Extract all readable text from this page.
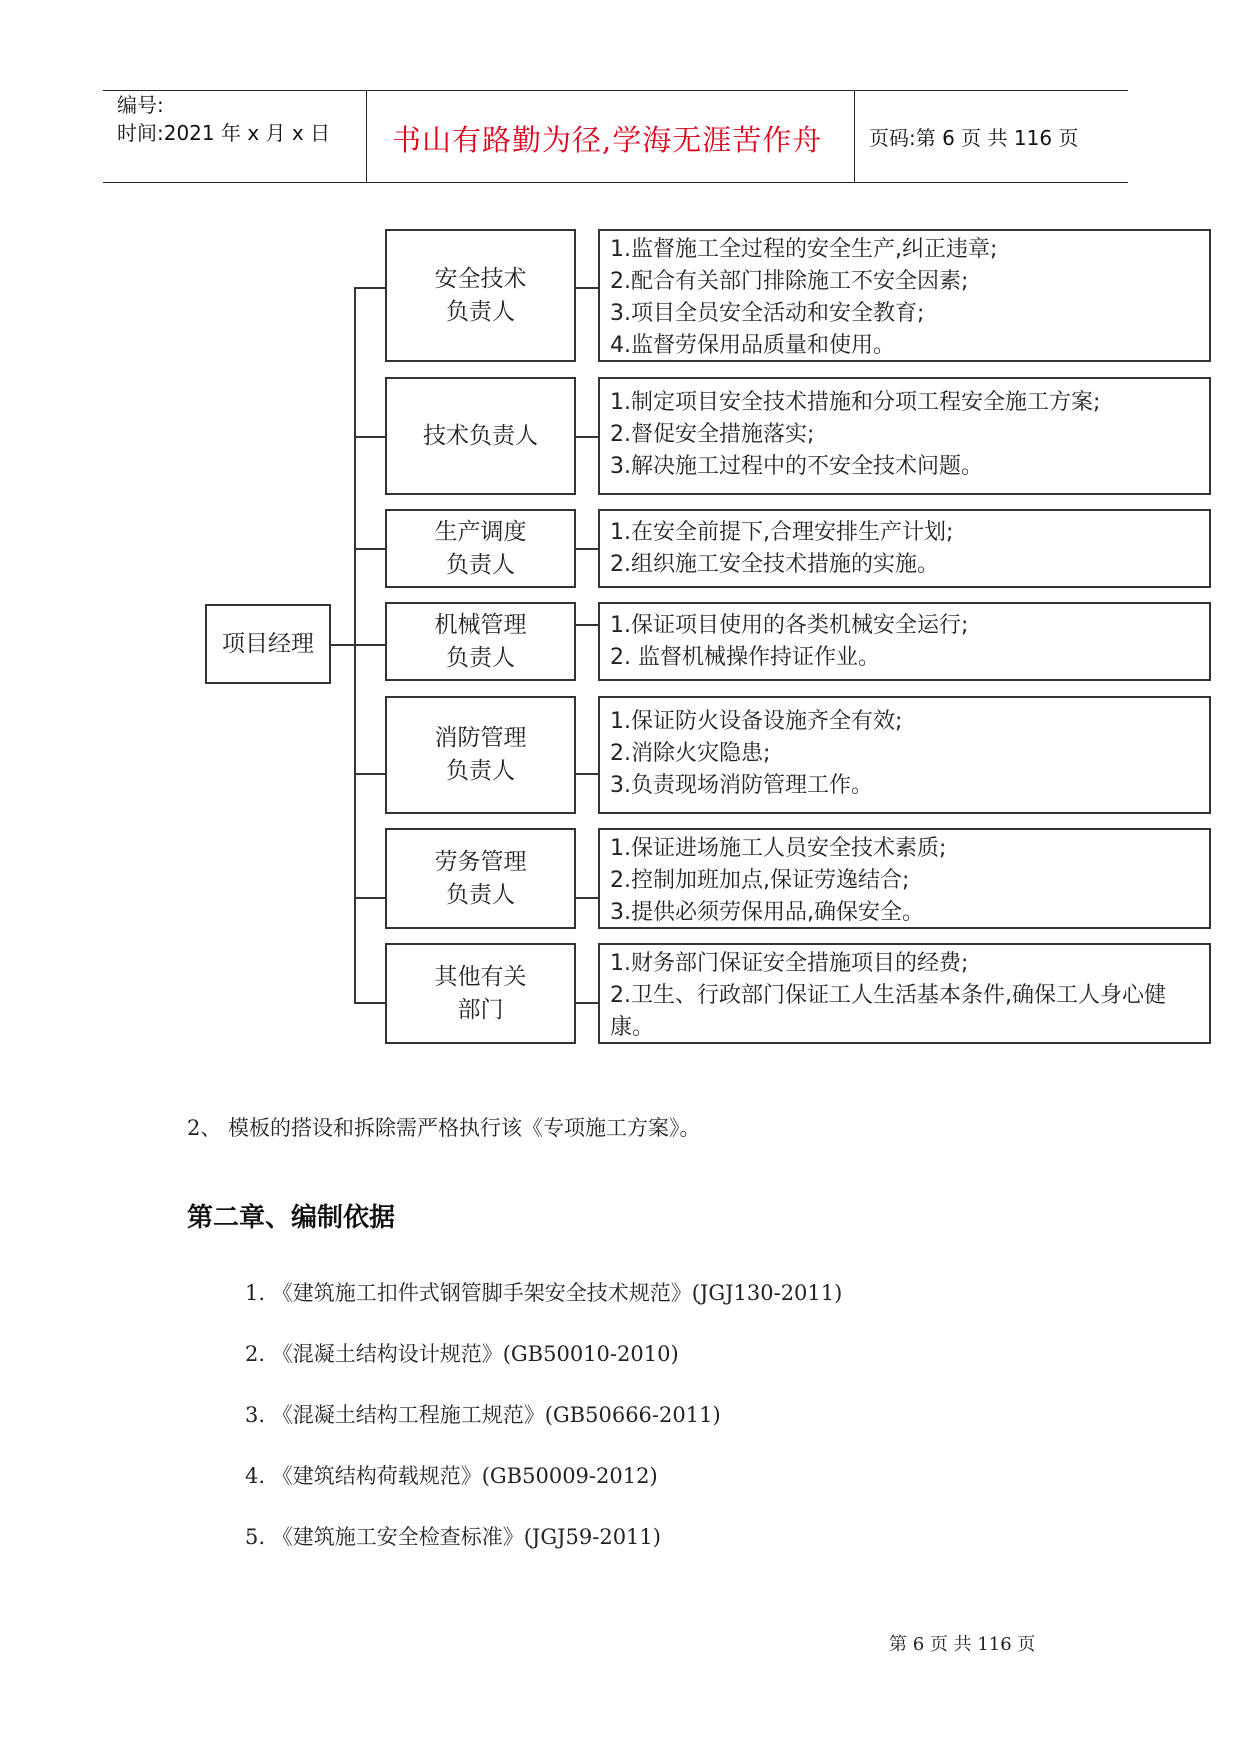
编号:
时间:2021 年 x 月 x 日 书山有路勤为径,学海无涯苦作舟 页码:第 6 页 共 116 页
项目经理
安全技术
负责人
1.监督施工全过程的安全生产,纠正违章;
2.配合有关部门排除施工不安全因素;
3.项目全员安全活动和安全教育;
4.监督劳保用品质量和使用。
技术负责人
1.制定项目安全技术措施和分项工程安全施工方案;
2.督促安全措施落实;
3.解决施工过程中的不安全技术问题。
生产调度
负责人
1.在安全前提下,合理安排生产计划;
2.组织施工安全技术措施的实施。
机械管理
负责人
1.保证项目使用的各类机械安全运行;
2. 监督机械操作持证作业。
消防管理
负责人
1.保证防火设备设施齐全有效;
2.消除火灾隐患;
3.负责现场消防管理工作。
劳务管理
负责人
1.保证进场施工人员安全技术素质;
2.控制加班加点,保证劳逸结合;
3.提供必须劳保用品,确保安全。
其他有关
部门
1.财务部门保证安全措施项目的经费;
2.卫生、行政部门保证工人生活基本条件,确保工人身心健康。
2、 模板的搭设和拆除需严格执行该《专项施工方案》。
第二章、编制依据
1. 《建筑施工扣件式钢管脚手架安全技术规范》(JGJ130-2011)
2. 《混凝土结构设计规范》(GB50010-2010)
3. 《混凝土结构工程施工规范》(GB50666-2011)
4. 《建筑结构荷载规范》(GB50009-2012)
5. 《建筑施工安全检查标准》(JGJ59-2011)
第 6 页 共 116 页
